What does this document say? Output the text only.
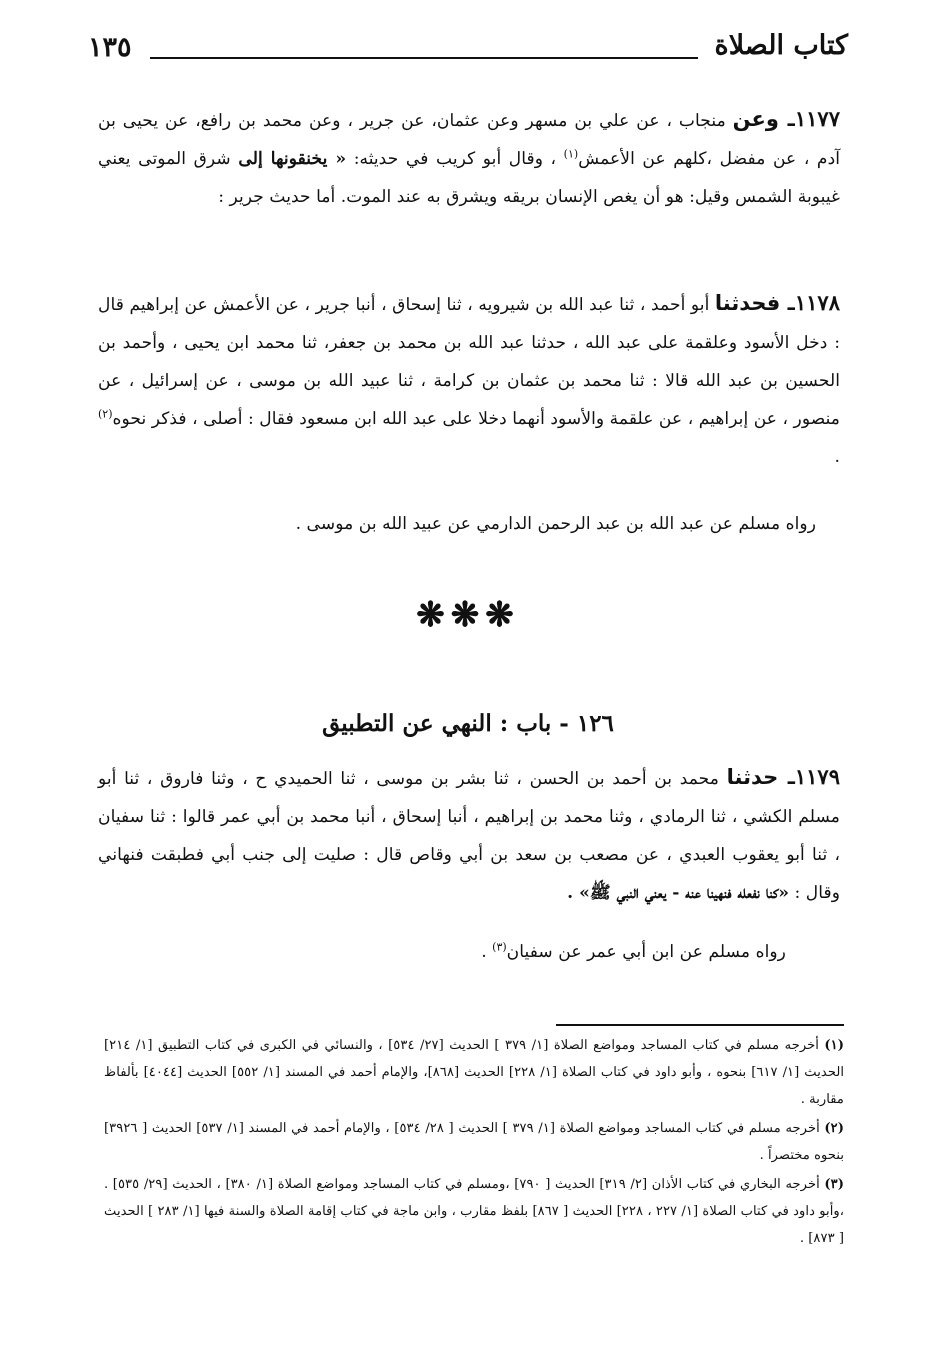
١٣٥	كتاب الصلاة
١١٧٧ـ وعن منجاب ، عن علي بن مسهر وعن عثمان، عن جرير ، وعن محمد بن رافع، عن يحيى بن آدم ، عن مفضل ،كلهم عن الأعمش$^{(١)}$ ، وقال أبو كريب في حديثه: « يخنقونها إلى شرق الموتى يعني غيبوبة الشمس وقيل: هو أن يغص الإنسان بريقه ويشرق به عند الموت. أما حديث جرير :
١١٧٨ـ فحدثنا أبو أحمد ، ثنا عبد الله بن شيرويه ، ثنا إسحاق ، أنبا جرير ، عن الأعمش عن إبراهيم قال : دخل الأسود وعلقمة على عبد الله ، حدثنا عبد الله بن محمد بن جعفر، ثنا محمد ابن يحيى ، وأحمد بن الحسين بن عبد الله قالا : ثنا محمد بن عثمان بن كرامة ، ثنا عبيد الله بن موسى ، عن إسرائيل ، عن منصور ، عن إبراهيم ، عن علقمة والأسود أنهما دخلا على عبد الله ابن مسعود فقال : أصلى ، فذكر نحوه$^{(٢)}$ .
رواه مسلم عن عبد الله بن عبد الرحمن الدارمي عن عبيد الله بن موسى .
❋❋❋
١٢٦ - باب : النهي عن التطبيق
١١٧٩ـ حدثنا محمد بن أحمد بن الحسن ، ثنا بشر بن موسى ، ثنا الحميدي ح ، وثنا فاروق ، ثنا أبو مسلم الكشي ، ثنا الرمادي ، وثنا محمد بن إبراهيم ، أنبا إسحاق ، أنبا محمد بن أبي عمر قالوا : ثنا سفيان ، ثنا أبو يعقوب العبدي ، عن مصعب بن سعد بن أبي وقاص قال : صليت إلى جنب أبي فطبقت فنهاني وقال : «كنا نفعله فنهينا عنه - يعني النبي ﷺ» .
رواه مسلم عن ابن أبي عمر عن سفيان$^{(٣)}$ .

(١) أخرجه مسلم في كتاب المساجد ومواضع الصلاة [١/ ٣٧٩ ] الحديث [٢٧/ ٥٣٤] ، والنسائي في الكبرى في كتاب التطبيق [١/ ٢١٤] الحديث [١/ ٦١٧] بنحوه ، وأبو داود في كتاب الصلاة [١/ ٢٢٨] الحديث [٨٦٨]، والإمام أحمد في المسند [١/ ٥٥٢] الحديث [٤٠٤٤] بألفاظ مقاربة .

(٢) أخرجه مسلم في كتاب المساجد ومواضع الصلاة [١/ ٣٧٩ ] الحديث [ ٢٨/ ٥٣٤] ، والإمام أحمد في المسند [١/ ٥٣٧] الحديث [ ٣٩٢٦] بنحوه مختصراً .

(٣) أخرجه البخاري في كتاب الأذان [٢/ ٣١٩] الحديث [ ٧٩٠] ،ومسلم في كتاب المساجد ومواضع الصلاة [١/ ٣٨٠] ، الحديث [٢٩/ ٥٣٥] . ،وأبو داود في كتاب الصلاة [١/ ٢٢٧ ، ٢٢٨] الحديث [ ٨٦٧] بلفظ مقارب ، وابن ماجة في كتاب إقامة الصلاة والسنة فيها [١/ ٢٨٣ ] الحديث [ ٨٧٣] .
